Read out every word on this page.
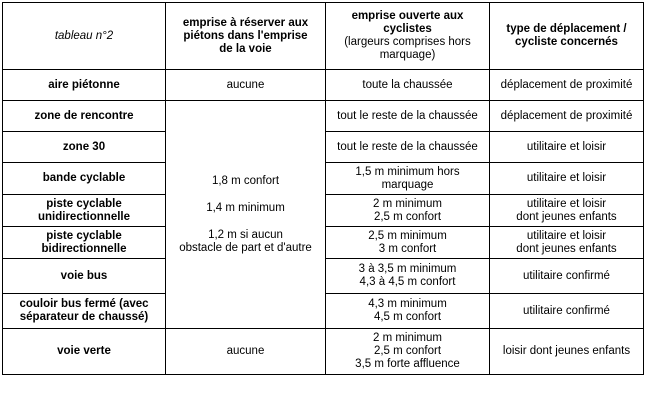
tableau n°2	emprise à réserver aux
piétons dans l'emprise
de la voie	emprise ouverte aux
cyclistes
(largeurs comprises hors
marquage)	type de déplacement /
cycliste concernés

aire piétonne	aucune	toute la chaussée	déplacement de proximité

zone de rencontre	1,8 m confort
1,4 m minimum
1,2 m si aucun
obstacle de part et d'autre	tout le reste de la chaussée	déplacement de proximité

zone 30		tout le reste de la chaussée	utilitaire et loisir

bande cyclable		1,5 m minimum hors
marquage	utilitaire et loisir

piste cyclable
unidirectionnelle		2 m minimum
2,5 m confort	utilitaire et loisir
dont jeunes enfants

piste cyclable
bidirectionnelle		2,5 m minimum
3 m confort	utilitaire et loisir
dont jeunes enfants

voie bus		3 à 3,5 m minimum
4,3 à 4,5 m confort	utilitaire confirmé

couloir bus fermé (avec
séparateur de chaussé)		4,3 m minimum
4,5 m confort	utilitaire confirmé

voie verte	aucune	2 m minimum
2,5 m confort
3,5 m forte affluence	loisir dont jeunes enfants
